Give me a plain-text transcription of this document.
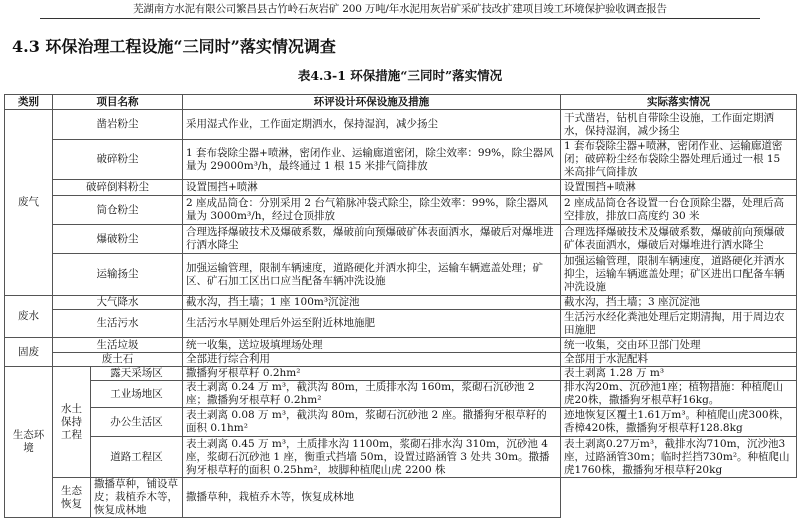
芜湖南方水泥有限公司繁昌县古竹岭石灰岩矿 200 万吨/年水泥用灰岩矿采矿技改扩建项目竣工环境保护验收调查报告
4.3 环保治理工程设施“三同时”落实情况调查
表4.3-1 环保措施“三同时”落实情况
类别	项目名称		环评设计环保设施及措施	实际落实情况
废气	凿岩粉尘		采用湿式作业，工作面定期洒水，保持湿润，减少扬尘	干式凿岩，钻机自带除尘设施，工作面定期洒水，保持湿润，减少扬尘
	破碎粉尘		1 套布袋除尘器+喷淋，密闭作业、运输廊道密闭，除尘效率：99%，除尘器风量为 29000m³/h，最终通过 1 根 15 米排气筒排放	1 套布袋除尘器+喷淋，密闭作业、运输廊道密闭；破碎粉尘经布袋除尘器处理后通过一根 15 米高排气筒排放
	破碎倒料粉尘		设置围挡+喷淋	设置围挡+喷淋
	筒仓粉尘		2 座成品筒仓：分别采用 2 台气箱脉冲袋式除尘，除尘效率：99%，除尘器风量为 3000m³/h，经过仓顶排放	2 座成品筒仓各设置一台仓顶除尘器，处理后高空排放，排放口高度约 30 米
	爆破粉尘		合理选择爆破技术及爆破系数，爆破前向预爆破矿体表面洒水，爆破后对爆堆进行洒水降尘	合理选择爆破技术及爆破系数，爆破前向预爆破矿体表面洒水，爆破后对爆堆进行洒水降尘
	运输扬尘		加强运输管理，限制车辆速度，道路硬化并洒水抑尘，运输车辆遮盖处理；矿区、矿石加工区出口应当配备车辆冲洗设施	加强运输管理，限制车辆速度，道路硬化并洒水抑尘，运输车辆遮盖处理；矿区进出口配备车辆冲洗设施
废水	大气降水		截水沟，挡土墙；1 座 100m³沉淀池	截水沟，挡土墙；3 座沉淀池
	生活污水		生活污水旱厕处理后外运至附近林地施肥	生活污水经化粪池处理后定期清掏，用于周边农田施肥
固废	生活垃圾		统一收集，送垃圾填埋场处理	统一收集，交由环卫部门处理
	废土石		全部进行综合利用	全部用于水泥配料
生态环境	水土保持工程	露天采场区	撒播狗牙根草籽 0.2hm²	表土剥离 1.28 万 m³
		工业场地区	表土剥离 0.24 万 m³，截洪沟 80m，土质排水沟 160m，浆砌石沉砂池 2 座；撒播狗牙根草籽 0.2hm²	排水沟20m、沉砂池1座；植物措施：种植爬山虎20株，撒播狗牙根草籽16kg。
		办公生活区	表土剥离 0.08 万 m³，截洪沟 80m，浆砌石沉砂池 2 座。撒播狗牙根草籽的面积 0.1hm²	迹地恢复区覆土1.61万m³。种植爬山虎300株，香樟420株，撒播狗牙根草籽128.8kg
		道路工程区	表土剥离 0.45 万 m³，土质排水沟 1100m，浆砌石排水沟 310m，沉砂池 4 座，浆砌石沉砂池 1 座，衡重式挡墙 50m，设置过路涵管 3 处共 30m。撒播狗牙根草籽的面积 0.25hm²，坡脚种植爬山虎 2200 株	表土剥离0.27万m³，截排水沟710m，沉沙池3座，过路涵管30m；临时拦挡730m²。种植爬山虎1760株，撒播狗牙根草籽20kg
	生态恢复	撒播草种，铺设草皮；栽植乔木等，恢复成林地	撒播草种，栽植乔木等，恢复成林地	
